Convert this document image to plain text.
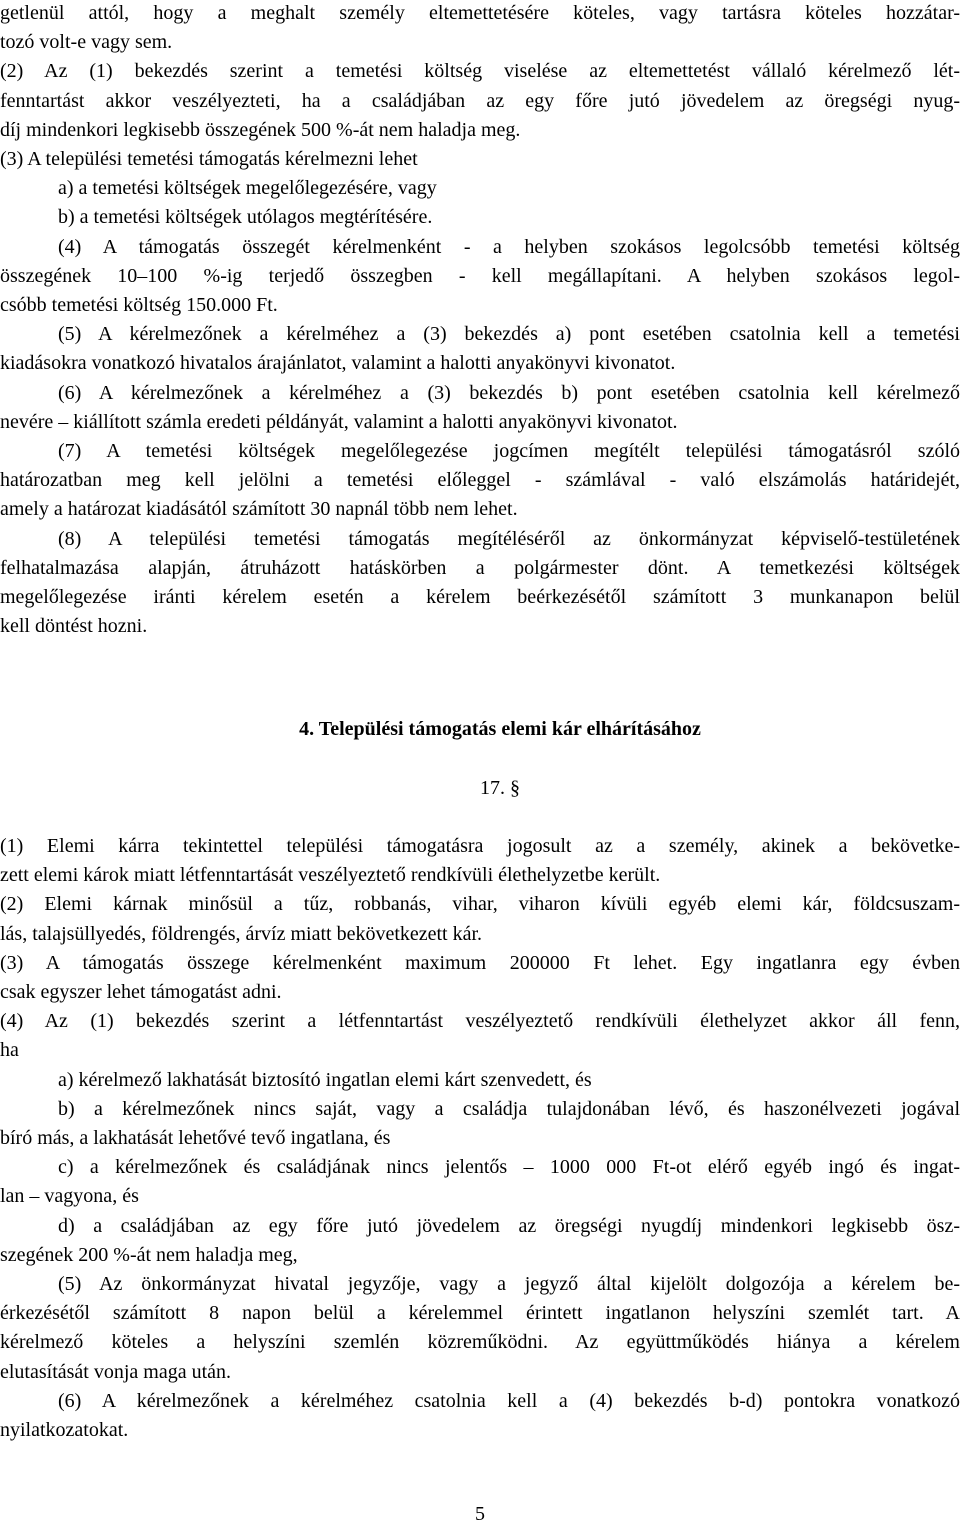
getlenül attól, hogy a meghalt személy eltemettetésére köteles, vagy tartásra köteles hozzátar-
tozó volt-e vagy sem.
(2) Az (1) bekezdés szerint a temetési költség viselése az eltemettetést vállaló kérelmező lét-
fenntartást akkor veszélyezteti, ha a családjában az egy főre jutó jövedelem az öregségi nyug-
díj mindenkori legkisebb összegének 500 %-át nem haladja meg.
(3) A települési temetési támogatás kérelmezni lehet
a) a temetési költségek megelőlegezésére, vagy
b) a temetési költségek utólagos megtérítésére.
(4) A támogatás összegét kérelmenként - a helyben szokásos legolcsóbb temetési költség
összegének 10–100 %-ig terjedő összegben - kell megállapítani. A helyben szokásos legol-
csóbb temetési költség 150.000 Ft.
(5) A kérelmezőnek a kérelméhez a (3) bekezdés a) pont esetében csatolnia kell a temetési
kiadásokra vonatkozó hivatalos árajánlatot, valamint a halotti anyakönyvi kivonatot.
(6) A kérelmezőnek a kérelméhez a (3) bekezdés b) pont esetében csatolnia kell kérelmező
nevére – kiállított számla eredeti példányát, valamint a halotti anyakönyvi kivonatot.
(7) A temetési költségek megelőlegezése jogcímen megítélt települési támogatásról szóló
határozatban meg kell jelölni a temetési előleggel - számlával - való elszámolás határidejét,
amely a határozat kiadásától számított 30 napnál több nem lehet.
(8) A települési temetési támogatás megítéléséről az önkormányzat képviselő-testületének
felhatalmazása alapján, átruházott hatáskörben a polgármester dönt. A temetkezési költségek
megelőlegezése iránti kérelem esetén a kérelem beérkezésétől számított 3 munkanapon belül
kell döntést hozni.
4. Települési támogatás elemi kár elhárításához
17. §
(1) Elemi kárra tekintettel települési támogatásra jogosult az a személy, akinek a bekövetke-
zett elemi károk miatt létfenntartását veszélyeztető rendkívüli élethelyzetbe került.
(2) Elemi kárnak minősül a tűz, robbanás, vihar, viharon kívüli egyéb elemi kár, földcsuszam-
lás, talajsüllyedés, földrengés, árvíz miatt bekövetkezett kár.
(3) A támogatás összege kérelmenként maximum 200000 Ft lehet. Egy ingatlanra egy évben
csak egyszer lehet támogatást adni.
(4) Az (1) bekezdés szerint a létfenntartást veszélyeztető rendkívüli élethelyzet akkor áll fenn,
ha
a) kérelmező lakhatását biztosító ingatlan elemi kárt szenvedett, és
b) a kérelmezőnek nincs saját, vagy a családja tulajdonában lévő, és haszonélvezeti jogával
bíró más, a lakhatását lehetővé tevő ingatlana, és
c) a kérelmezőnek és családjának nincs jelentős – 1000 000 Ft-ot elérő egyéb ingó és ingat-
lan – vagyona, és
d) a családjában az egy főre jutó jövedelem az öregségi nyugdíj mindenkori legkisebb ösz-
szegének 200 %-át nem haladja meg,
(5) Az önkormányzat hivatal jegyzője, vagy a jegyző által kijelölt dolgozója a kérelem be-
érkezésétől számított 8 napon belül a kérelemmel érintett ingatlanon helyszíni szemlét tart. A
kérelmező köteles a helyszíni szemlén közreműködni. Az együttműködés hiánya a kérelem
elutasítását vonja maga után.
(6) A kérelmezőnek a kérelméhez csatolnia kell a (4) bekezdés b-d) pontokra vonatkozó
nyilatkozatokat.
5
